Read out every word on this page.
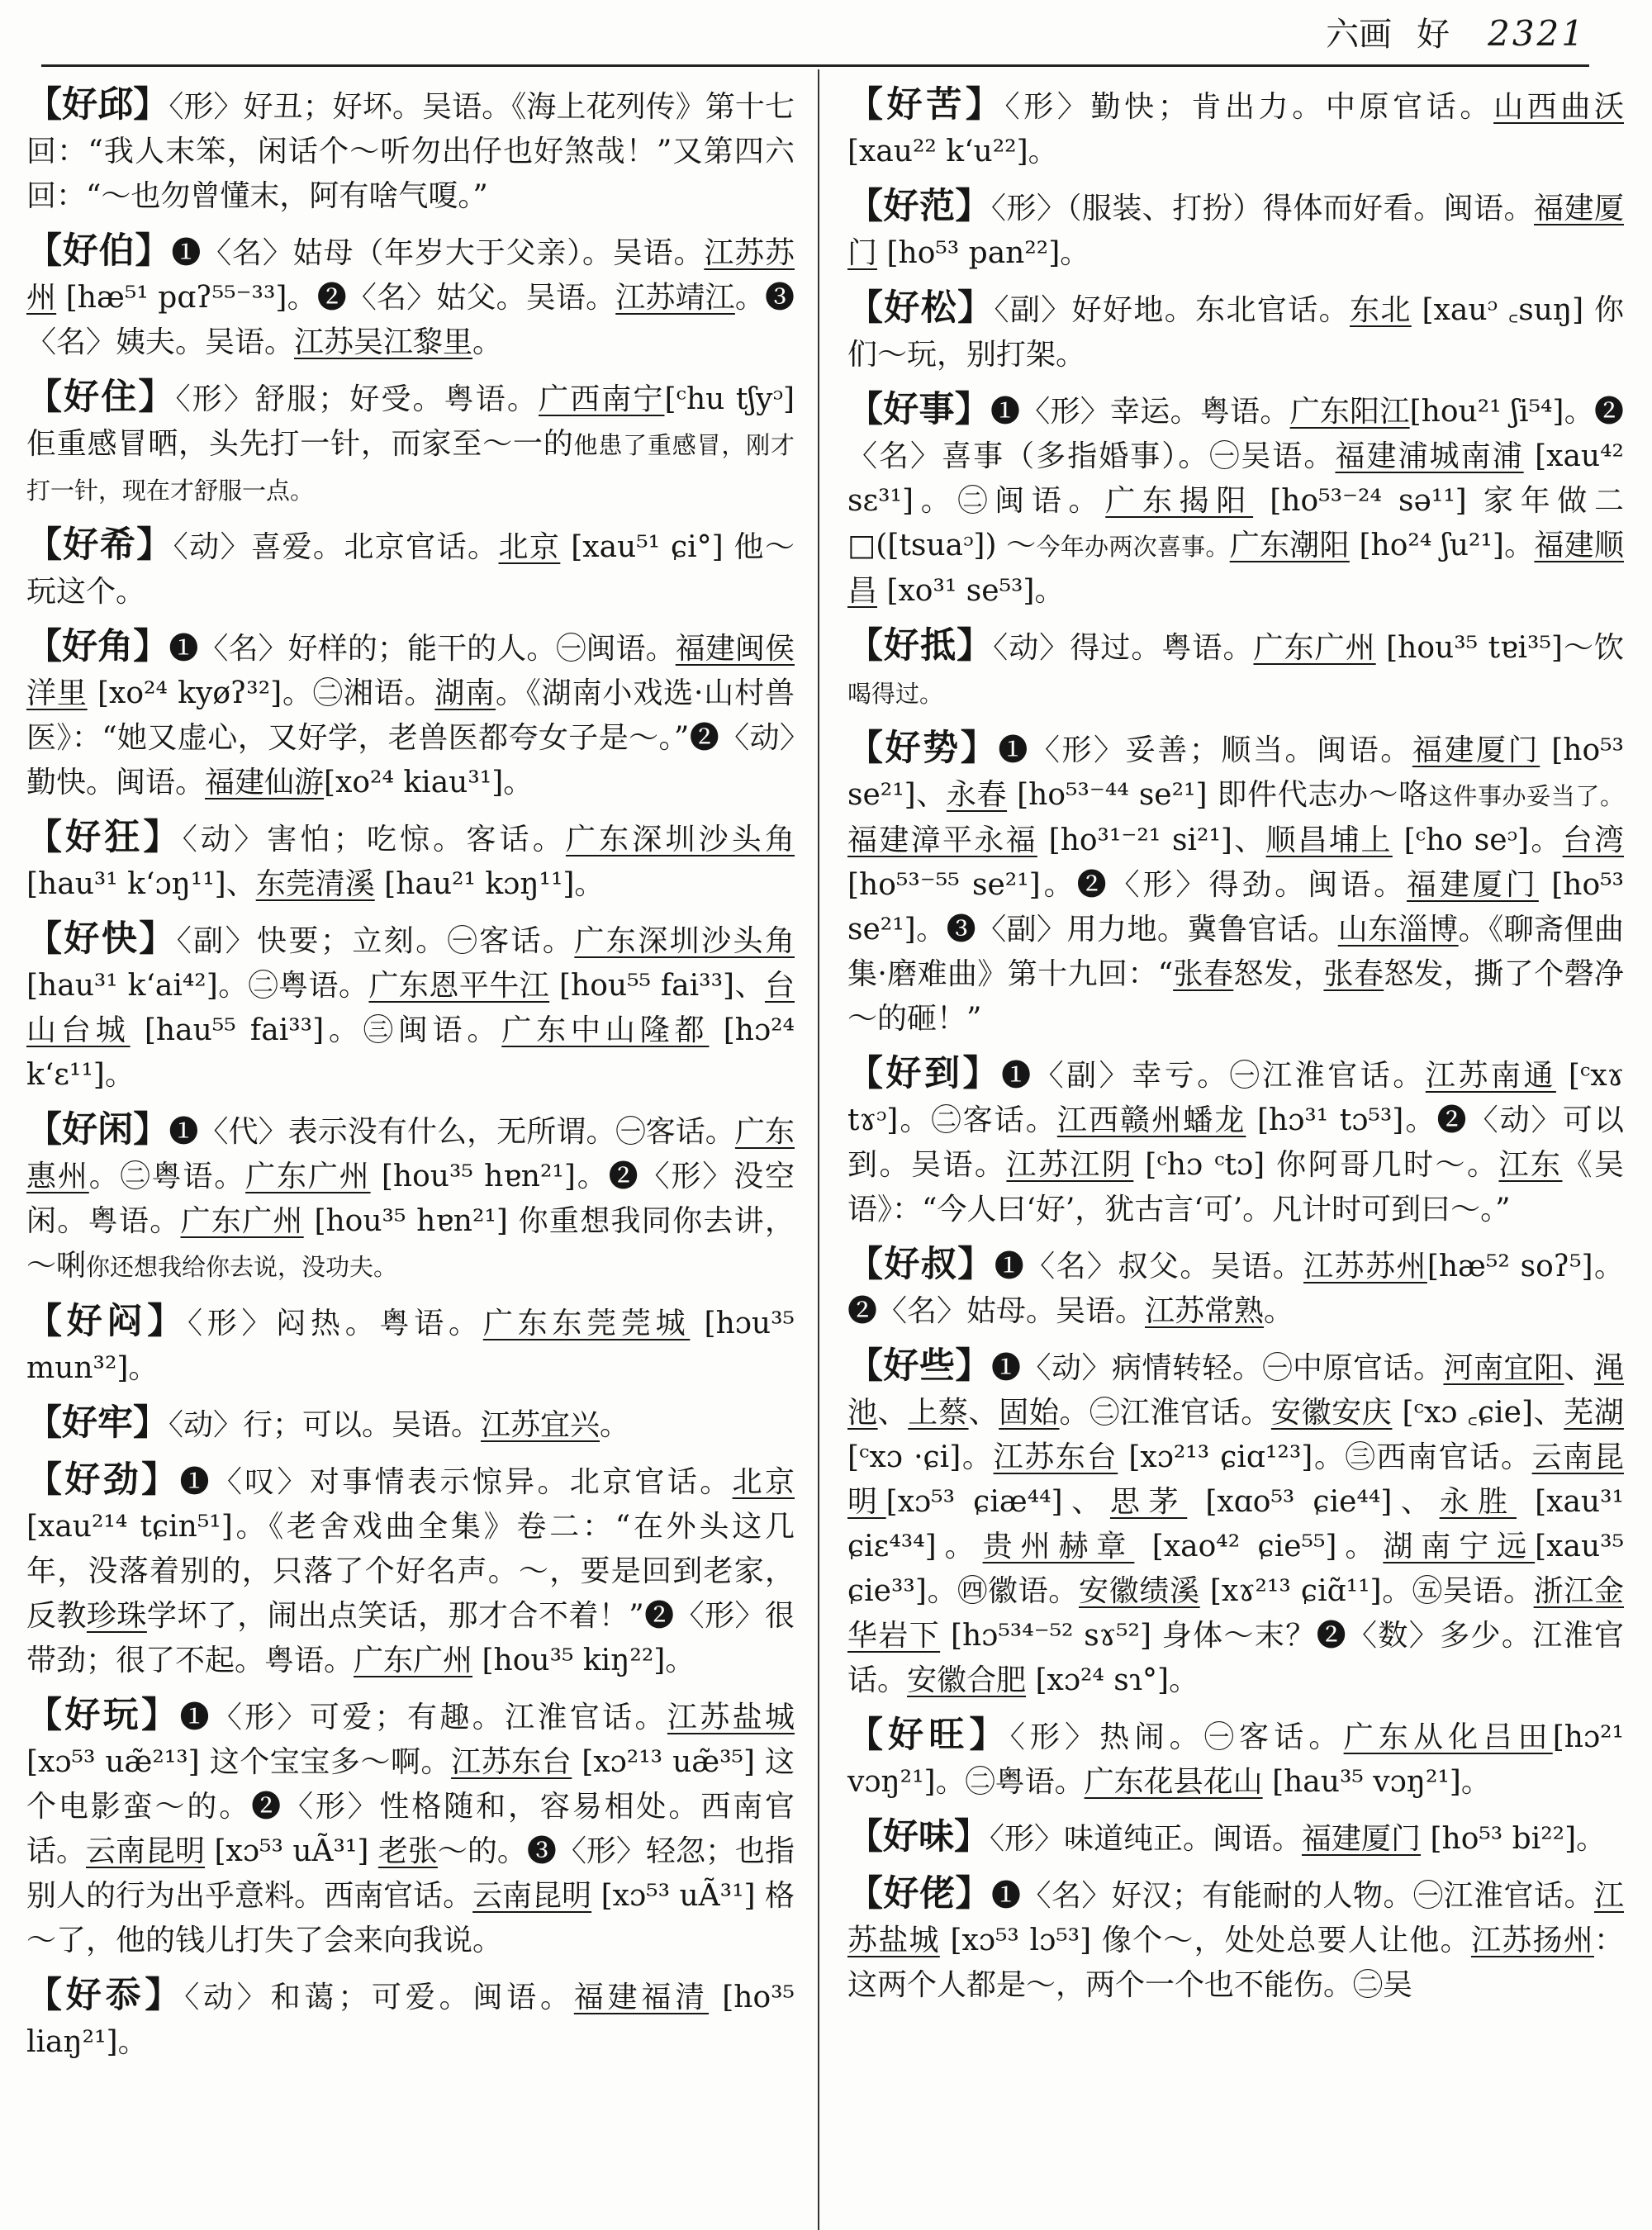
六画 好 2321
【好邱】〈形〉好丑；好坏。吴语。《海上花列传》第十七回：“我人末笨，闲话个～听勿出仔也好煞哉！”又第四六回：“～也勿曾懂末，阿有啥气嗄。”
【好伯】❶〈名〉姑母（年岁大于父亲）。吴语。江苏苏州 [hæ⁵¹ pɑʔ⁵⁵⁻³³]。❷〈名〉姑父。吴语。江苏靖江。❸〈名〉姨夫。吴语。江苏吴江黎里。
【好住】〈形〉舒服；好受。粤语。广西南宁[ᶜhu tʃyᵓ] 佢重感冒晒，头先打一针，而家至～一的他患了重感冒，刚才打一针，现在才舒服一点。
【好希】〈动〉喜爱。北京官话。北京 [xau⁵¹ ɕi°] 他～玩这个。
【好角】❶〈名〉好样的；能干的人。㊀闽语。福建闽侯洋里 [xo²⁴ kyøʔ³²]。㊁湘语。湖南。《湖南小戏选·山村兽医》：“她又虚心，又好学，老兽医都夸女子是～。”❷〈动〉勤快。闽语。福建仙游[xo²⁴ kiau³¹]。
【好狂】〈动〉害怕；吃惊。客话。广东深圳沙头角[hau³¹ kʻɔŋ¹¹]、东莞清溪 [hau²¹ kɔŋ¹¹]。
【好快】〈副〉快要；立刻。㊀客话。广东深圳沙头角 [hau³¹ kʻai⁴²]。㊁粤语。广东恩平牛江 [hou⁵⁵ fai³³]、台山台城 [hau⁵⁵ fai³³]。㊂闽语。广东中山隆都 [hɔ²⁴ kʻɛ¹¹]。
【好闲】❶〈代〉表示没有什么，无所谓。㊀客话。广东惠州。㊁粤语。广东广州 [hou³⁵ hɐn²¹]。❷〈形〉没空闲。粤语。广东广州 [hou³⁵ hɐn²¹] 你重想我同你去讲，～唎你还想我给你去说，没功夫。
【好闷】〈形〉闷热。粤语。广东东莞莞城 [hɔu³⁵ mun³²]。
【好牢】〈动〉行；可以。吴语。江苏宜兴。
【好劲】❶〈叹〉对事情表示惊异。北京官话。北京 [xau²¹⁴ tɕin⁵¹]。《老舍戏曲全集》卷二：“在外头这几年，没落着别的，只落了个好名声。～，要是回到老家，反教珍珠学坏了，闹出点笑话，那才合不着！”❷〈形〉很带劲；很了不起。粤语。广东广州 [hou³⁵ kiŋ²²]。
【好玩】❶〈形〉可爱；有趣。江淮官话。江苏盐城 [xɔ⁵³ uæ̃²¹³] 这个宝宝多～啊。江苏东台 [xɔ²¹³ uæ̃³⁵] 这个电影蛮～的。❷〈形〉性格随和，容易相处。西南官话。云南昆明 [xɔ⁵³ uÃ³¹] 老张～的。❸〈形〉轻忽；也指别人的行为出乎意料。西南官话。云南昆明 [xɔ⁵³ uÃ³¹] 格～了，他的钱儿打失了会来向我说。
【好忝】〈动〉和蔼；可爱。闽语。福建福清 [ho³⁵ liaŋ²¹]。
【好苦】〈形〉勤快；肯出力。中原官话。山西曲沃[xau²² kʻu²²]。
【好范】〈形〉（服装、打扮）得体而好看。闽语。福建厦门 [ho⁵³ pan²²]。
【好松】〈副〉好好地。东北官话。东北 [xauᵓ ꜀suŋ] 你们～玩，别打架。
【好事】❶〈形〉幸运。粤语。广东阳江[hou²¹ ʃi⁵⁴]。❷〈名〉喜事（多指婚事）。㊀吴语。福建浦城南浦 [xau⁴² sɛ³¹]。㊁闽语。广东揭阳 [ho⁵³⁻²⁴ sə¹¹] 家年做二□([tsuaᵓ]) ～今年办两次喜事。广东潮阳 [ho²⁴ ʃu²¹]。福建顺昌 [xo³¹ se⁵³]。
【好抵】〈动〉得过。粤语。广东广州 [hou³⁵ tɐi³⁵]～饮喝得过。
【好势】❶〈形〉妥善；顺当。闽语。福建厦门 [ho⁵³ se²¹]、永春 [ho⁵³⁻⁴⁴ se²¹] 即件代志办～咯这件事办妥当了。福建漳平永福 [ho³¹⁻²¹ si²¹]、顺昌埔上 [ᶜho seᵓ]。台湾 [ho⁵³⁻⁵⁵ se²¹]。❷〈形〉得劲。闽语。福建厦门 [ho⁵³ se²¹]。❸〈副〉用力地。冀鲁官话。山东淄博。《聊斋俚曲集·磨难曲》第十九回：“张春怒发，张春怒发，撕了个磬净～的砸！”
【好到】❶〈副〉幸亏。㊀江淮官话。江苏南通 [ᶜxɤ tɤᵓ]。㊁客话。江西赣州蟠龙 [hɔ³¹ tɔ⁵³]。❷〈动〉可以到。吴语。江苏江阴 [ᶜhɔ ᶜtɔ] 你阿哥几时～。江东《吴语》：“今人曰‘好’，犹古言‘可’。凡计时可到曰～。”
【好叔】❶〈名〉叔父。吴语。江苏苏州[hæ⁵² soʔ⁵]。❷〈名〉姑母。吴语。江苏常熟。
【好些】❶〈动〉病情转轻。㊀中原官话。河南宜阳、渑池、上蔡、固始。㊁江淮官话。安徽安庆 [ᶜxɔ ꜀ɕie]、芜湖 [ᶜxɔ ·ɕi]。江苏东台 [xɔ²¹³ ɕiɑ¹²³]。㊂西南官话。云南昆明[xɔ⁵³ ɕiæ⁴⁴]、思茅 [xɑo⁵³ ɕie⁴⁴]、永胜 [xau³¹ ɕiɛ⁴³⁴]。贵州赫章 [xao⁴² ɕie⁵⁵]。湖南宁远[xau³⁵ ɕie³³]。㊃徽语。安徽绩溪 [xɤ²¹³ ɕiɑ̃¹¹]。㊄吴语。浙江金华岩下 [hɔ⁵³⁴⁻⁵² sɤ⁵²] 身体～末？❷〈数〉多少。江淮官话。安徽合肥 [xɔ²⁴ sɿ°]。
【好旺】〈形〉热闹。㊀客话。广东从化吕田[hɔ²¹ vɔŋ²¹]。㊁粤语。广东花县花山 [hau³⁵ vɔŋ²¹]。
【好味】〈形〉味道纯正。闽语。福建厦门 [ho⁵³ bi²²]。
【好佬】❶〈名〉好汉；有能耐的人物。㊀江淮官话。江苏盐城 [xɔ⁵³ lɔ⁵³] 像个～，处处总要人让他。江苏扬州：这两个人都是～，两个一个也不能伤。㊁吴
